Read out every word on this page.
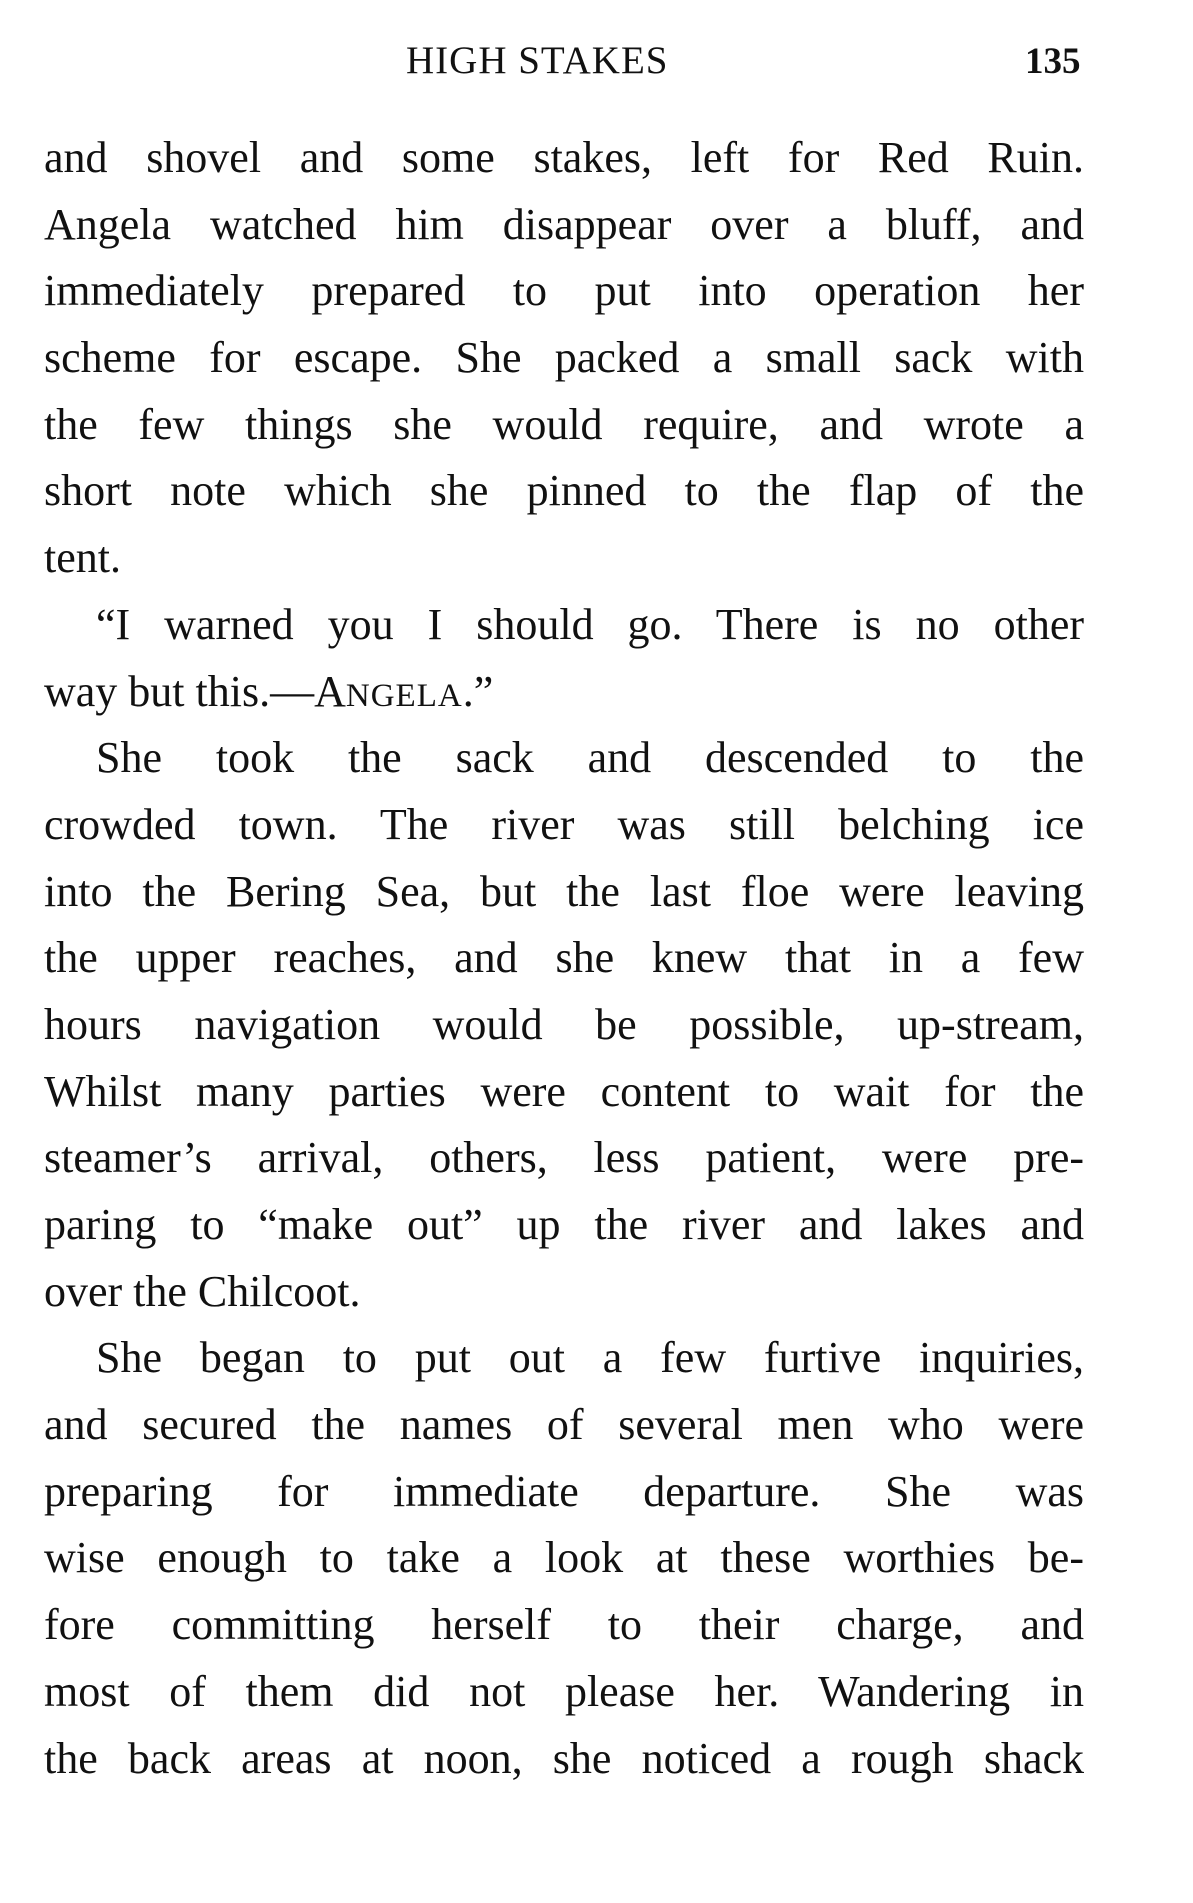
HIGH STAKES	135
and shovel and some stakes, left for Red Ruin.
Angela watched him disappear over a bluff, and
immediately prepared to put into operation her
scheme for escape. She packed a small sack with
the few things she would require, and wrote a
short note which she pinned to the flap of the
tent.
“I warned you I should go. There is no other
way but this.—ANGELA.”
She took the sack and descended to the
crowded town. The river was still belching ice
into the Bering Sea, but the last floe were leaving
the upper reaches, and she knew that in a few
hours navigation would be possible, up-stream,
Whilst many parties were content to wait for the
steamer’s arrival, others, less patient, were pre-
paring to “make out” up the river and lakes and
over the Chilcoot.
She began to put out a few furtive inquiries,
and secured the names of several men who were
preparing for immediate departure. She was
wise enough to take a look at these worthies be-
fore committing herself to their charge, and
most of them did not please her. Wandering in
the back areas at noon, she noticed a rough shack
